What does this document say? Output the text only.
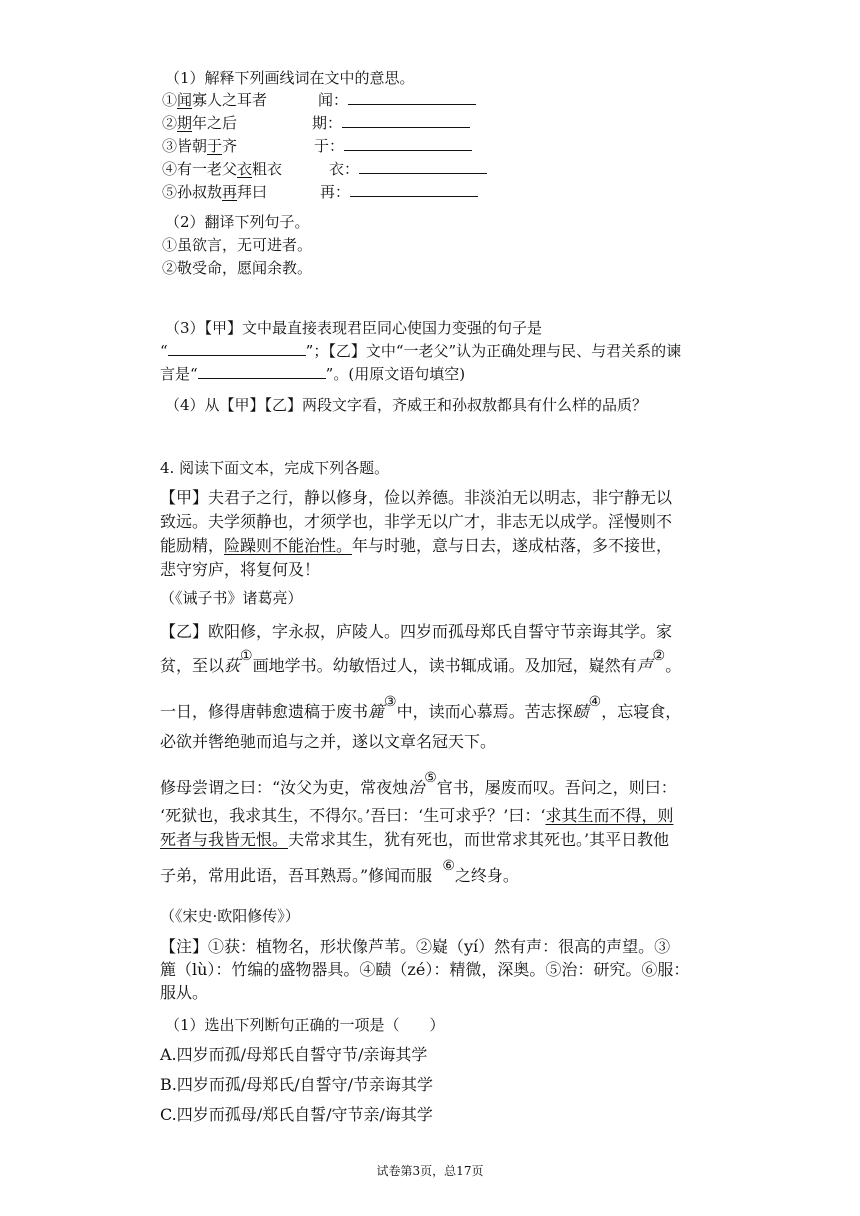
（1）解释下列画线词在文中的意思。
①闻寡人之耳者	闻：
②期年之后	期：
③皆朝于齐	于：
④有一老父衣粗衣	衣：
⑤孙叔敖再拜曰	再：
（2）翻译下列句子。
①虽欲言，无可进者。
②敬受命，愿闻余教。
（3）【甲】文中最直接表现君臣同心使国力变强的句子是
“	”；【乙】文中“一老父”认为正确处理与民、与君关系的谏
言是“	”。(用原文语句填空)
（4）从【甲】【乙】两段文字看，齐威王和孙叔敖都具有什么样的品质？
4. 阅读下面文本，完成下列各题。
【甲】夫君子之行，静以修身，俭以养德。非淡泊无以明志，非宁静无以
致远。夫学须静也，才须学也，非学无以广才，非志无以成学。淫慢则不
能励精，险躁则不能治性。年与时驰，意与日去，遂成枯落，多不接世，
悲守穷庐，将复何及！
（《诫子书》诸葛亮）
【乙】欧阳修，字永叔，庐陵人。四岁而孤母郑氏自誓守节亲诲其学。家
贫，至以荻①画地学书。幼敏悟过人，读书辄成诵。及加冠，嶷然有声②。
一日，修得唐韩愈遗稿于废书簏③中，读而心慕焉。苦志探赜④，忘寝食，
必欲并辔绝驰而追与之并，遂以文章名冠天下。
修母尝谓之曰：“汝父为吏，常夜烛治⑤官书，屡废而叹。吾问之，则曰：
‘死狱也，我求其生，不得尔。’吾曰：‘生可求乎？’曰：‘求其生而不得，则
死者与我皆无恨。夫常求其生，犹有死也，而世常求其死也。’其平日教他
子弟，常用此语，吾耳熟焉。”修闻而服 ⑥之终身。
（《宋史·欧阳修传》）
【注】①获：植物名，形状像芦苇。②嶷（yí）然有声：很高的声望。③
簏（lù）：竹编的盛物器具。④赜（zé）：精微，深奥。⑤治：研究。⑥服：
服从。
（1）选出下列断句正确的一项是（　　）
A.四岁而孤/母郑氏自誓守节/亲诲其学
B.四岁而孤/母郑氏/自誓守/节亲诲其学
C.四岁而孤母/郑氏自誓/守节亲/诲其学
试卷第3页，总17页
